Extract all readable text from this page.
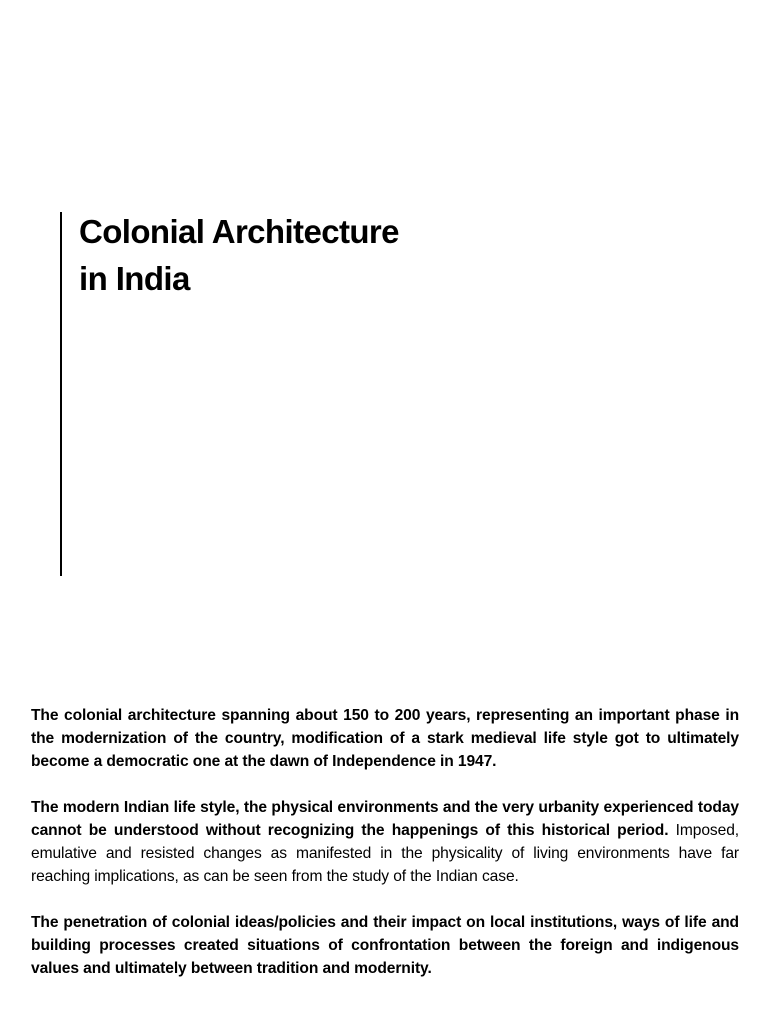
Colonial Architecture
in India

The colonial architecture spanning about 150 to 200 years, representing an important phase in the modernization of the country, modification of a stark medieval life style got to ultimately become a democratic one at the dawn of Independence in 1947.

The modern Indian life style, the physical environments and the very urbanity experienced today cannot be understood without recognizing the happenings of this historical period. Imposed, emulative and resisted changes as manifested in the physicality of living environments have far reaching implications, as can be seen from the study of the Indian case.

The penetration of colonial ideas/policies and their impact on local institutions, ways of life and building processes created situations of confrontation between the foreign and indigenous values and ultimately between tradition and modernity.
